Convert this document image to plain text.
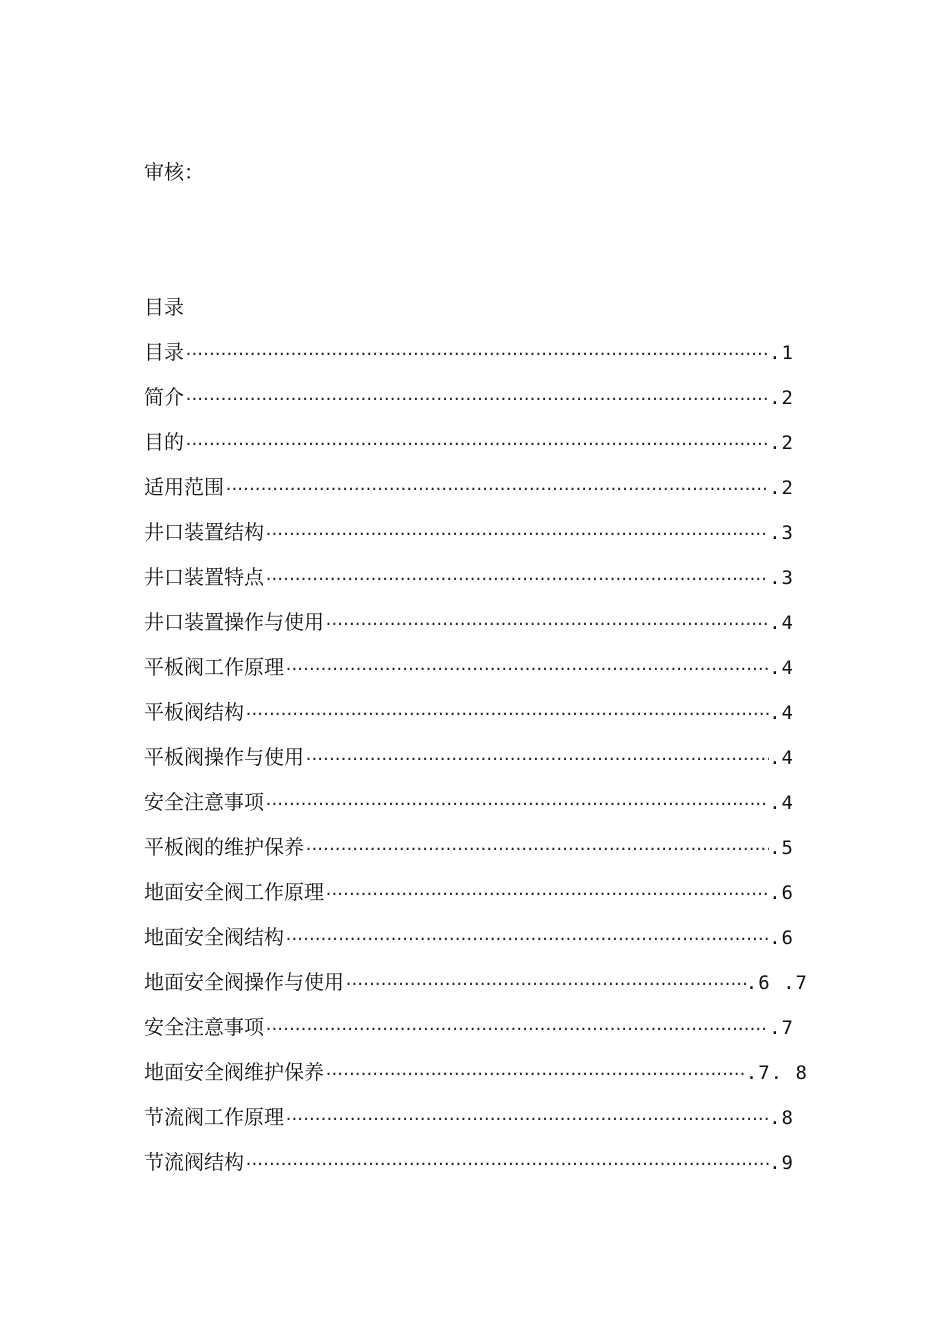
审核：
目录
目录 ·····	.1
简介 ·····	.2
目的 ·····	.2
适用范围 ·····	.2
井口装置结构 ·····	.3
井口装置特点 ·····	.3
井口装置操作与使用 ·····	.4
平板阀工作原理 ·····	.4
平板阀结构 ·····	.4
平板阀操作与使用 ·····	.4
安全注意事项 ·····	.4
平板阀的维护保养 ·····	.5
地面安全阀工作原理 ·····	.6
地面安全阀结构 ·····	.6
地面安全阀操作与使用 ·····	.6 .7
安全注意事项 ·····	.7
地面安全阀维护保养 ·····	.7. 8
节流阀工作原理 ·····	.8
节流阀结构 ·····	.9
